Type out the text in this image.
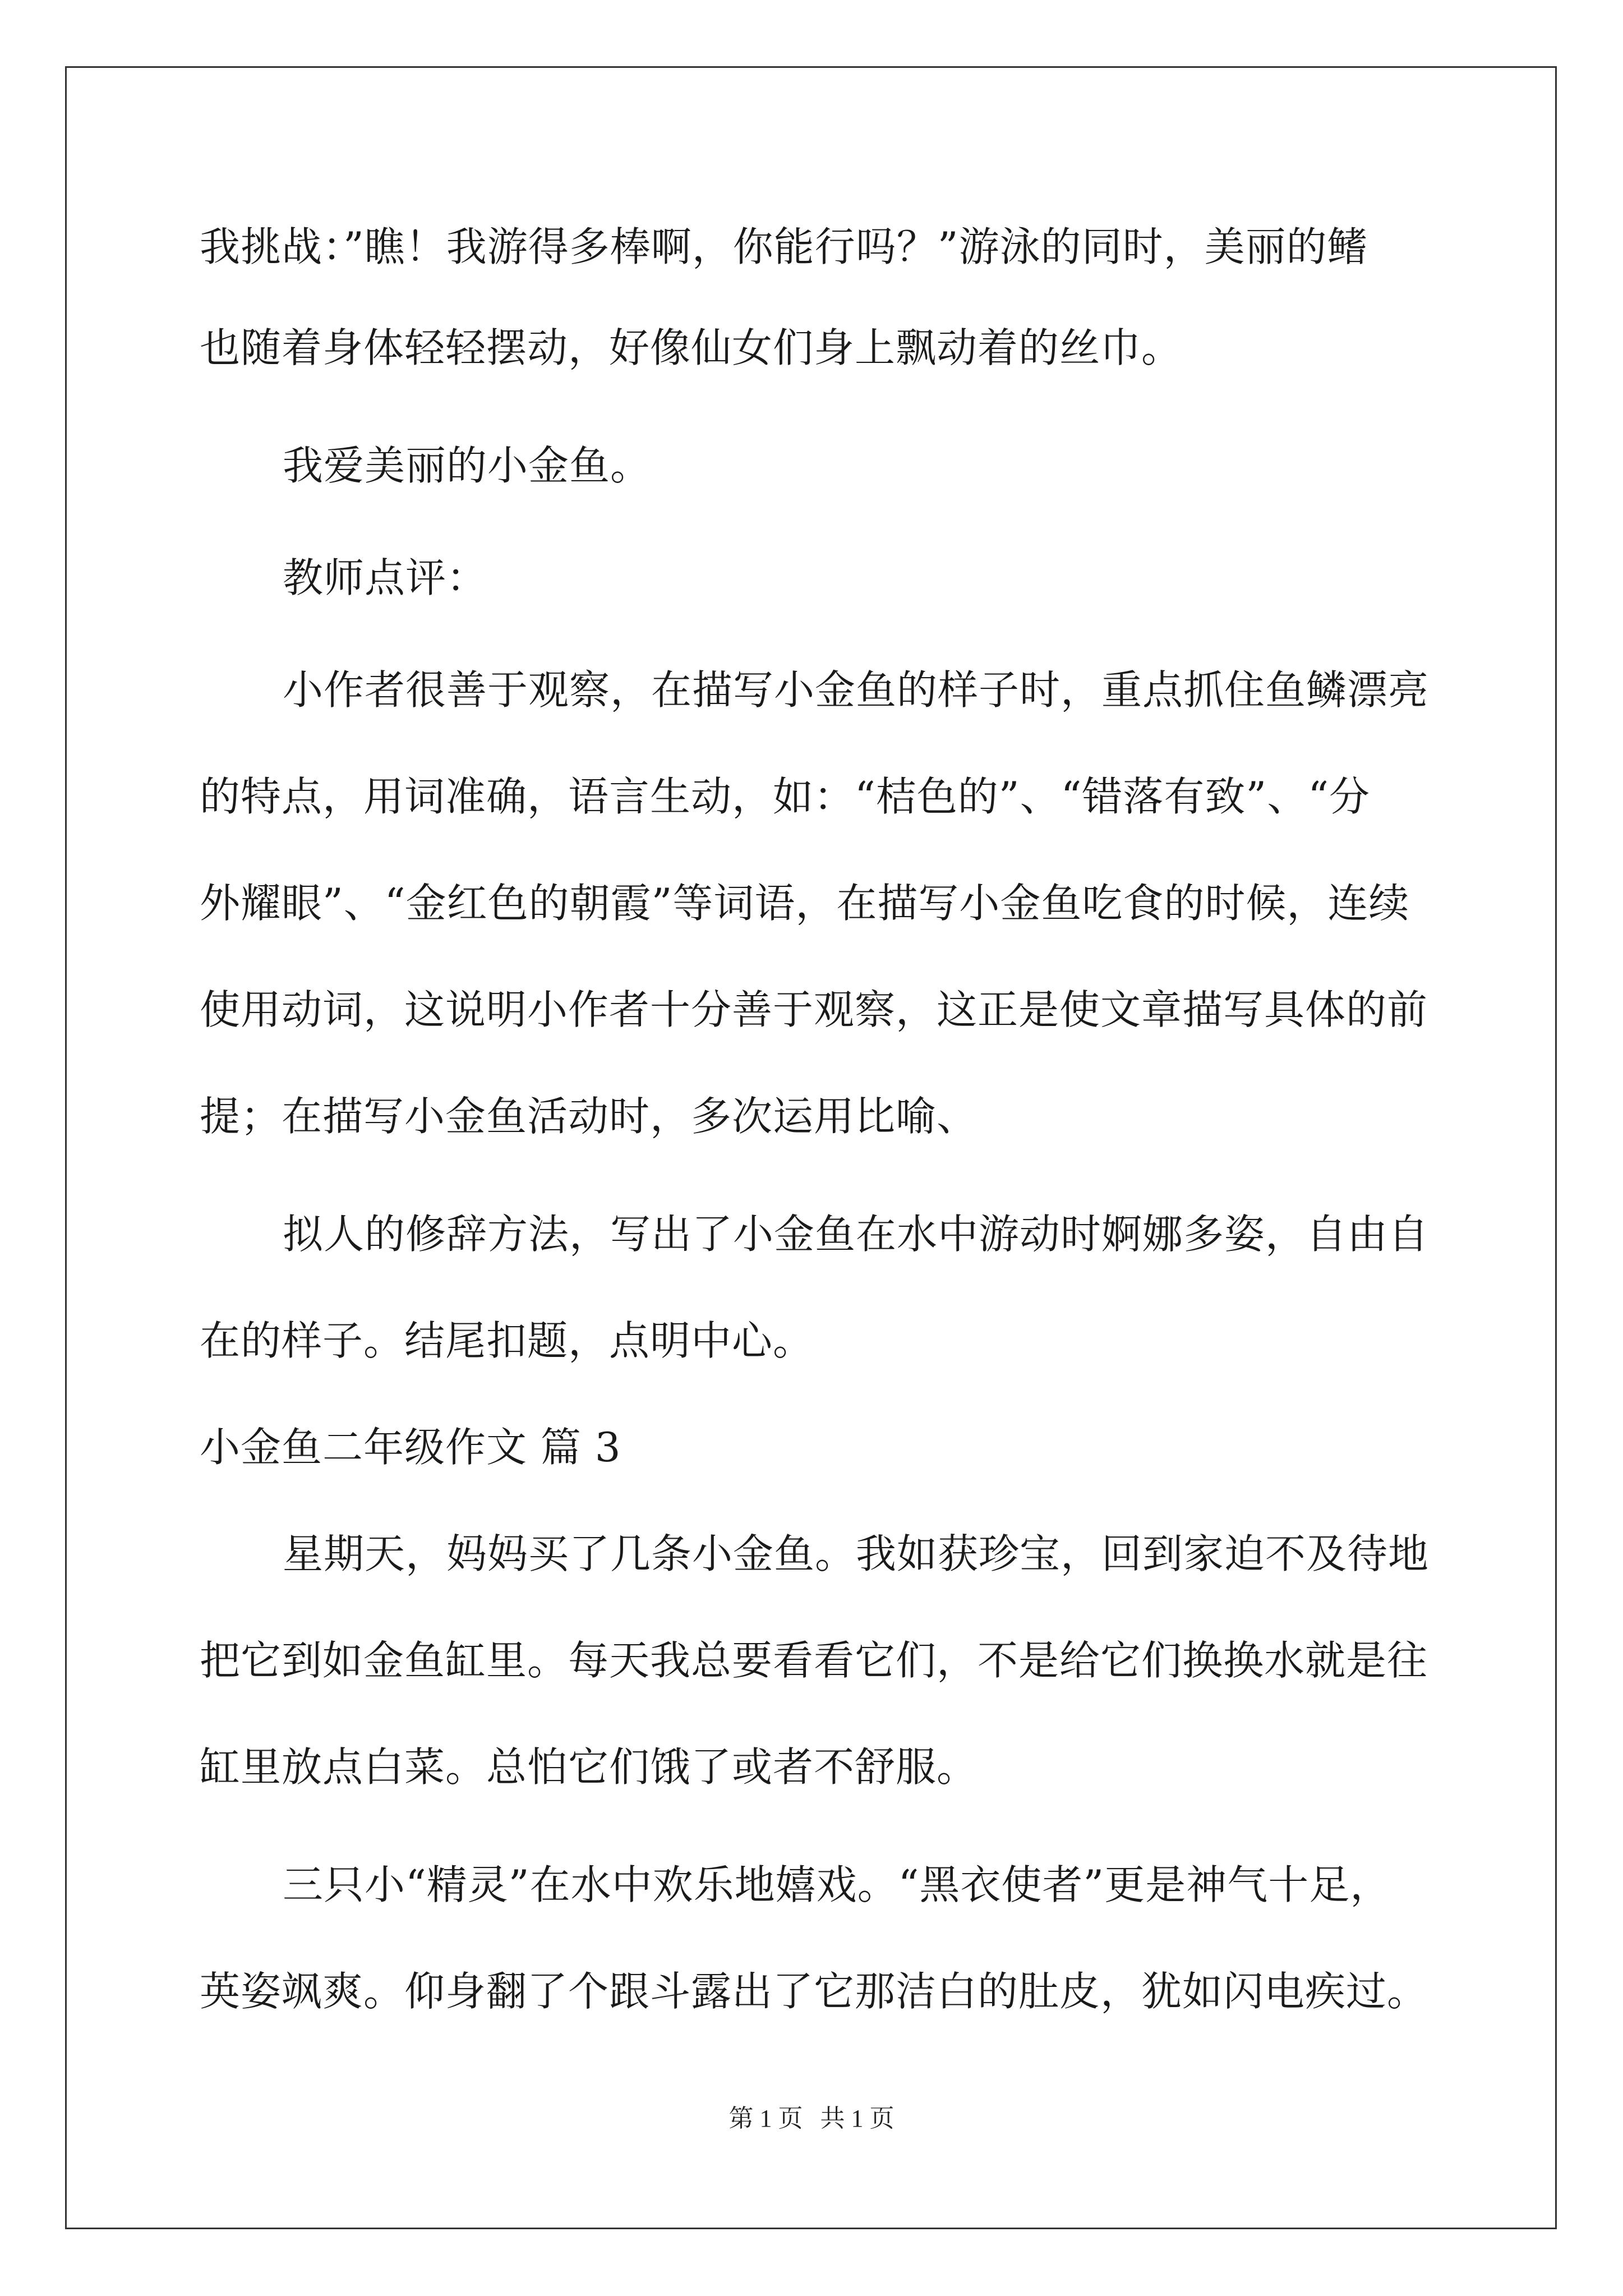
我挑战：”瞧！我游得多棒啊，你能行吗？”游泳的同时，美丽的鳍
也随着身体轻轻摆动，好像仙女们身上飘动着的丝巾。
我爱美丽的小金鱼。
教师点评：
小作者很善于观察，在描写小金鱼的样子时，重点抓住鱼鳞漂亮
的特点，用词准确，语言生动，如：“桔色的”、“错落有致”、“分
外耀眼”、“金红色的朝霞”等词语，在描写小金鱼吃食的时候，连续
使用动词，这说明小作者十分善于观察，这正是使文章描写具体的前
提；在描写小金鱼活动时，多次运用比喻、
拟人的修辞方法，写出了小金鱼在水中游动时婀娜多姿，自由自
在的样子。结尾扣题，点明中心。
小金鱼二年级作文 篇 3
星期天，妈妈买了几条小金鱼。我如获珍宝，回到家迫不及待地
把它到如金鱼缸里。每天我总要看看它们，不是给它们换换水就是往
缸里放点白菜。总怕它们饿了或者不舒服。
三只小“精灵”在水中欢乐地嬉戏。“黑衣使者”更是神气十足，
英姿飒爽。仰身翻了个跟斗露出了它那洁白的肚皮，犹如闪电疾过。
第 1 页 共 1 页
